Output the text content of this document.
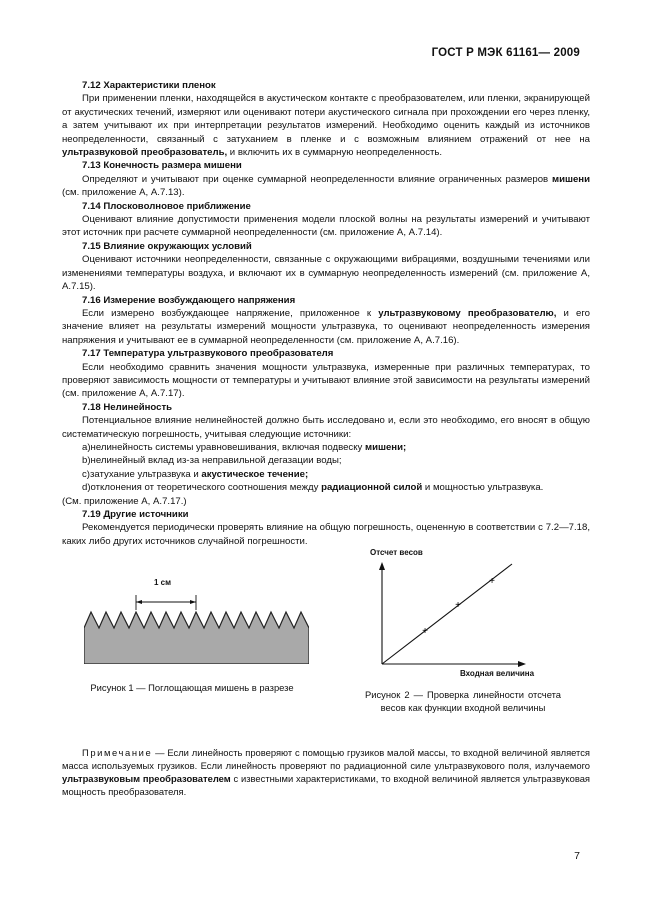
ГОСТ Р МЭК 61161— 2009

7.12 Характеристики пленок

При применении пленки, находящейся в акустическом контакте с преобразователем, или пленки, экранирующей от акустических течений, измеряют или оценивают потери акустического сигнала при прохождении его через пленку, а затем учитывают их при интерпретации результатов измерений. Необходимо оценить каждый из источников неопределенности, связанный с затуханием в пленке и с возможным влиянием отражений от нее на ультразвуковой преобразователь, и включить их в суммарную неопределенность.

7.13 Конечность размера мишени

Определяют и учитывают при оценке суммарной неопределенности влияние ограниченных размеров мишени (см. приложение А, А.7.13).

7.14 Плосковолновое приближение

Оценивают влияние допустимости применения модели плоской волны на результаты измерений и учитывают этот источник при расчете суммарной неопределенности (см. приложение А, А.7.14).

7.15 Влияние окружающих условий

Оценивают источники неопределенности, связанные с окружающими вибрациями, воздушными течениями или изменениями температуры воздуха, и включают их в суммарную неопределенность измерений (см. приложение А, А.7.15).

7.16 Измерение возбуждающего напряжения

Если измерено возбуждающее напряжение, приложенное к ультразвуковому преобразователю, и его значение влияет на результаты измерений мощности ультразвука, то оценивают неопределенность измерения напряжения и учитывают ее в суммарной неопределенности (см. приложение А, А.7.16).

7.17 Температура ультразвукового преобразователя

Если необходимо сравнить значения мощности ультразвука, измеренные при различных температурах, то проверяют зависимость мощности от температуры и учитывают влияние этой зависимости на результаты измерений (см. приложение А, А.7.17).

7.18 Нелинейность

Потенциальное влияние нелинейностей должно быть исследовано и, если это необходимо, его вносят в общую систематическую погрешность, учитывая следующие источники:

а)нелинейность системы уравновешивания, включая подвеску мишени;

b)нелинейный вклад из-за неправильной дегазации воды;

c)затухание ультразвука и акустическое течение;

d)отклонения от теоретического соотношения между радиационной силой и мощностью ультразвука.

(См. приложение А, А.7.17.)

7.19 Другие источники

Рекомендуется периодически проверять влияние на общую погрешность, оцененную в соответствии с 7.2—7.18, каких либо других источников случайной погрешности.

1 см
+
+
+
Отсчет весов
Входная величина
Рисунок 1 — Поглощающая мишень в разрезе
Рисунок 2 — Проверка линейности отсчета весов как функции входной величины

Примечание — Если линейность проверяют с помощью грузиков малой массы, то входной величиной является масса используемых грузиков. Если линейность проверяют по радиационной силе ультразвукового поля, излучаемого ультразвуковым преобразователем с известными характеристиками, то входной величиной является ультразвуковая мощность преобразователя.

7
